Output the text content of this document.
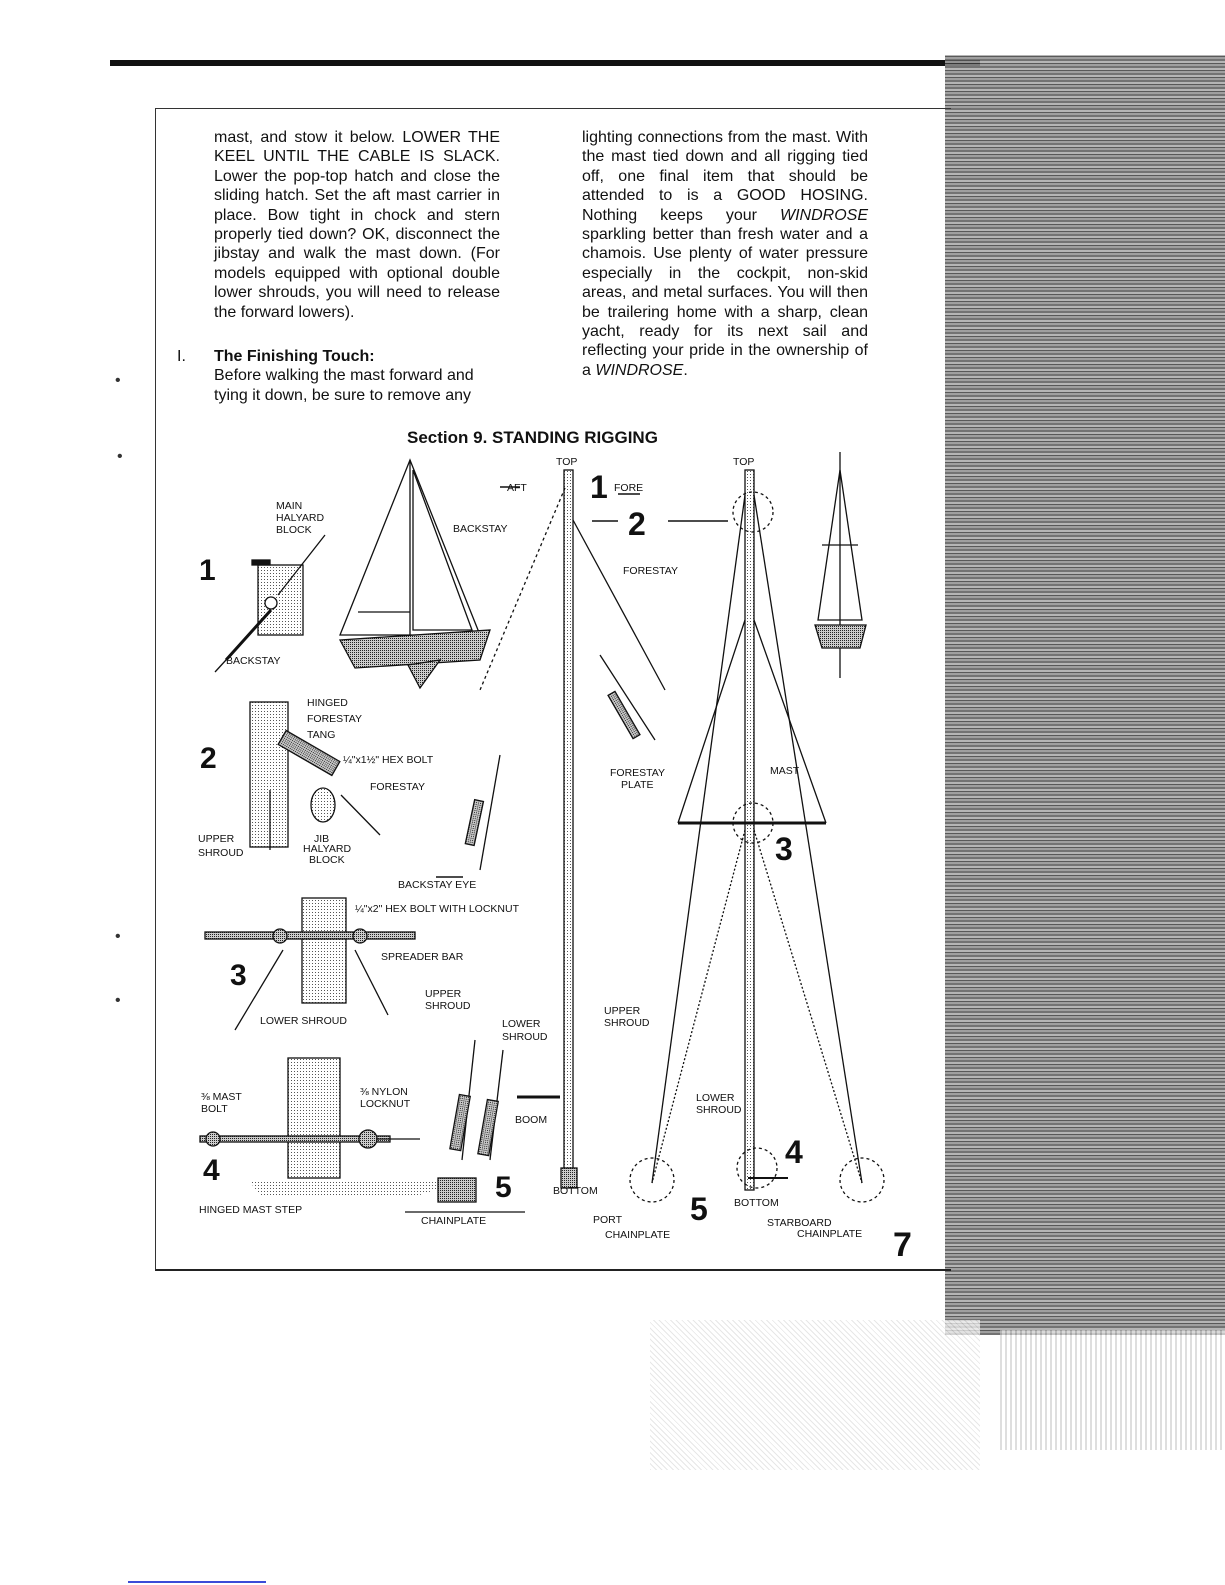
•
•
•
•

mast, and stow it below. LOWER THE KEEL UNTIL THE CABLE IS SLACK. Lower the pop-top hatch and close the sliding hatch. Set the aft mast carrier in place. Bow tight in chock and stern properly tied down? OK, disconnect the jibstay and walk the mast down. (For models equipped with optional double lower shrouds, you will need to release the forward lowers).

I. The Finishing Touch:
Before walking the mast forward and tying it down, be sure to remove any

lighting connections from the mast. With the mast tied down and all rigging tied off, one final item that should be attended to is a GOOD HOSING. Nothing keeps your WINDROSE sparkling better than fresh water and a chamois. Use plenty of water pressure especially in the cockpit, non-skid areas, and metal surfaces. You will then be trailering home with a sharp, clean yacht, ready for its next sail and reflecting your pride in the ownership of a WINDROSE.

Section 9. STANDING RIGGING
1
2
3
4
5
1
2
3
4
5
MAIN
HALYARD
BLOCK
BACKSTAY
BACKSTAY
AFT
TOP
FORE
TOP
FORESTAY
FORESTAY
PLATE
MAST
HINGED
FORESTAY
TANG
¼"x1½" HEX BOLT
FORESTAY
UPPER
SHROUD
JIB
HALYARD
BLOCK
BACKSTAY EYE
¼"x2" HEX BOLT WITH LOCKNUT
SPREADER BAR
LOWER SHROUD
UPPER
SHROUD
LOWER
SHROUD
BOOM
BOTTOM
CHAINPLATE
UPPER
SHROUD
LOWER
SHROUD
BOTTOM
PORT
CHAINPLATE
STARBOARD
CHAINPLATE
⅜ MAST
BOLT
⅜ NYLON
LOCKNUT
HINGED MAST STEP
7
